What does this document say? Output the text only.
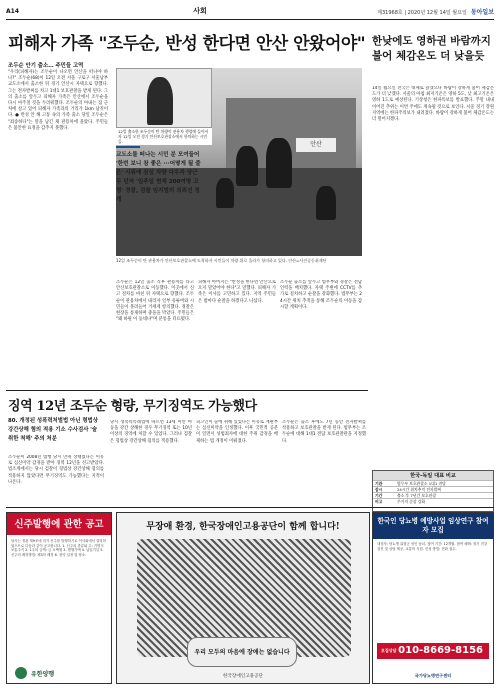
A14	사회	제31968호 | 2020년 12월 14일 월요일 동아일보
피해자 가족 "조두순, 반성 한다면 안산 안왔어야"
조두순 안기 출소… 주민들 고역
"우리(피해자)는 조두순이 나오면 안산을 떠나야 하나?" 조두순(68)이 12일 오전 서울 구로구 서울남부교도소에서 출소한 뒤 경기 안산시 자택으로 향했다. 그는 전자발찌를 차고 1대1 보호관찰을 받게 된다. 그의 출소를 앞두고 피해자 가족은 안산에서 조두순을 다시 마주칠 것을 두려워했다. 조두순의 아내는 집 근처에 살고 있어 피해자 가족과의 거리가 1km 남짓이다. ● 반성 안 해 고통 속의 가족 출소 당일 조두순은 "죄송하다"는 말을 남긴 채 관용차에 올랐다. 주민들은 불안한 표정을 감추지 못했다.
안산
12일 출소한 조두순이 탄 차량이 관용차 행렬에 들어서자 12일 오전 경기 안산보호관찰소에서 항의하는 시민들.
교도소를 떠나는 시민 분 모여들어 '한번 보니 참 좋은 ···어떻게 될 줄은' 시위에 잠실 차량 다우자 당근 두 던져 '일주일 현재 200여명 고정' 경찰, 검찰 임지범의 의뢰선 정개
12일 조두순이 탄 관용차가 안산보호관찰소에 도착하자 시민들이 차량 위로 올라가 항의하고 있다. 안산=사진공동취재단
조두순은 12일 출소 직후 관용차를 타고 안산보호관찰소로 이동했다. 이곳에서 신고 절차를 마친 뒤 자택으로 향했다. 조두순이 관용차에서 내리자 일부 유튜버와 시민들이 몰려들어 거세게 항의했다. 경찰은 현장을 통제하며 충돌을 막았다. 주민들은 "왜 하필 이 동네냐"며 분통을 터뜨렸다.
피해자 아버지는 "반성을 한다면 안산으로 오지 말았어야 한다"고 말했다. 피해자 가족은 이사를 고민하고 있다. 지역 주민들은 밤마다 순찰을 하겠다고 나섰다.
조두순 출소를 앞두고 법무부와 경찰은 전담 인력을 배치했다. 자택 주변에 CCTV를 추가로 설치하고 순찰을 강화했다. 법무부는 24시간 위치 추적을 통해 조두순의 이동을 감시할 계획이다.
한낮에도 영하권 바람까지 불어 체감온도 더 낮을듯
14일 월요일 전국은 대체로 맑겠으나 바람이 강하게 불어 체감온도가 더 낮겠다. 서울의 아침 최저기온은 영하 5도, 낮 최고기온은 영하 1도로 예상된다. 기상청은 한파특보를 발표했다. 주말 내내 이어진 추위는 이번 주에도 계속될 것으로 보인다. 서울 경기 강원 지역에는 한파주의보가 내려졌다. 바람이 강하게 불어 체감온도는 더 떨어지겠다.
징역 12년 조두순 형량, 무기징역도 가능했다
80. 개정된 성폭력처벌법 아닌 형법상 강간상해 혐의 적용 기소 수사검사 '술 취한 척해' 주의 처분
조두순이 2008년 범행 당시 만취 상태였다는 이유로 심신미약 감경을 받아 징역 12년을 선고받았다. 법조계에서는 당시 검찰이 형법상 강간상해 혐의를 적용하지 않았다면 무기징역도 가능했다는 지적이 나온다.
당시 성폭력특례법에 따르면 13세 미만 아동을 강간 상해한 경우 무기징역 또는 10년 이상의 징역에 처할 수 있었다. 그러나 검찰은 형법상 강간상해 혐의를 적용했다.
피고인이 술에 취해 있었다는 이유로 재판부는 심신미약을 인정했다. 이후 국민적 공분이 일면서 성범죄자에 대한 주취 감경을 배제하는 법 개정이 이뤄졌다.
조두순은 출소 후에도 7년 동안 전자발찌를 착용하고 보호관찰을 받게 된다. 법무부는 조두순에 대해 1대1 전담 보호관찰관을 지정했다.
한국-독일 대표 비교
기관	법무부 보호관찰소 1대1 전담
감시	24시간 위치추적 전자발찌
기간	출소 후 7년간 보호관찰
비고	주거지 순찰 강화
신주발행에 관한 공고
당사는 정관 제9조에 의거 신주를 발행하기로 이사회에서 결의하였으므로 다음과 같이 공고합니다. 1. 신주의 종류와 수: 기명식 보통주식 2. 1주의 금액: 금 오백원 3. 발행가액 4. 납입기일 5. 신주의 배정방법: 제3자 배정 6. 청약 일정 및 장소.
유한양행
무장애 환경, 한국장애인고용공단이 함께 합니다!
우리 모두의 마음에 장애는 없습니다
한국장애인고용공단
한국인 당뇨병 예방사업 임상연구 참여자 모집
대상자: 당뇨병 위험군 성인 남녀. 참여 기간: 12개월. 참여 혜택: 정기 건강검진 및 상담 제공, 교통비 지원. 신청 방법: 전화 접수.
모집상담 010-8669-8156
국가당뇨병연구센터
